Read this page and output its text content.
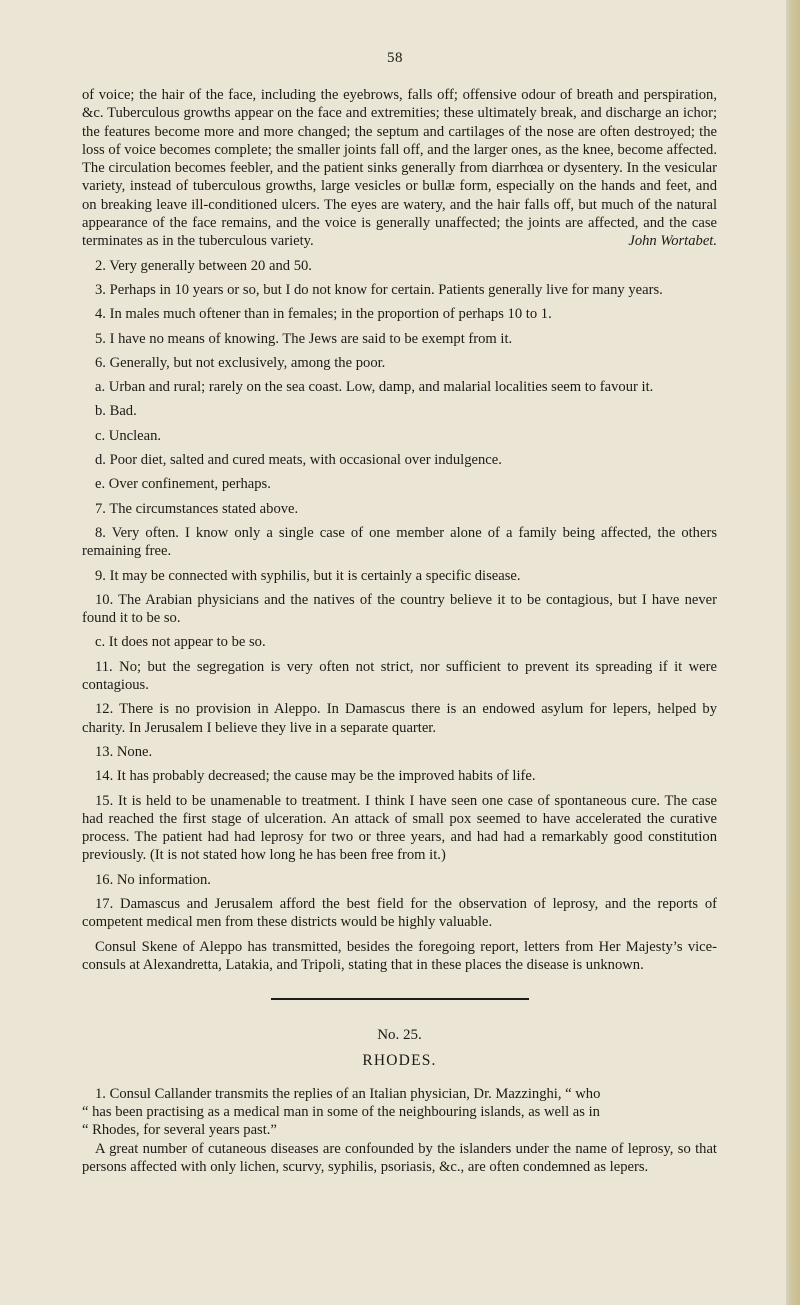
58

of voice; the hair of the face, including the eyebrows, falls off; offensive odour of breath and perspiration, &c. Tuberculous growths appear on the face and extremities; these ultimately break, and discharge an ichor; the features become more and more changed; the septum and cartilages of the nose are often destroyed; the loss of voice becomes complete; the smaller joints fall off, and the larger ones, as the knee, become affected. The circulation becomes feebler, and the patient sinks generally from diarrhœa or dysentery. In the vesicular variety, instead of tuberculous growths, large vesicles or bullæ form, especially on the hands and feet, and on breaking leave ill-conditioned ulcers. The eyes are watery, and the hair falls off, but much of the natural appearance of the face remains, and the voice is generally unaffected; the joints are affected, and the case terminates as in the tuberculous variety.	John Wortabet.

2. Very generally between 20 and 50.

3. Perhaps in 10 years or so, but I do not know for certain. Patients generally live for many years.

4. In males much oftener than in females; in the proportion of perhaps 10 to 1.

5. I have no means of knowing. The Jews are said to be exempt from it.

6. Generally, but not exclusively, among the poor.

a. Urban and rural; rarely on the sea coast. Low, damp, and malarial localities seem to favour it.

b. Bad.

c. Unclean.

d. Poor diet, salted and cured meats, with occasional over indulgence.

e. Over confinement, perhaps.

7. The circumstances stated above.

8. Very often. I know only a single case of one member alone of a family being affected, the others remaining free.

9. It may be connected with syphilis, but it is certainly a specific disease.

10. The Arabian physicians and the natives of the country believe it to be contagious, but I have never found it to be so.

c. It does not appear to be so.

11. No; but the segregation is very often not strict, nor sufficient to prevent its spreading if it were contagious.

12. There is no provision in Aleppo. In Damascus there is an endowed asylum for lepers, helped by charity. In Jerusalem I believe they live in a separate quarter.

13. None.

14. It has probably decreased; the cause may be the improved habits of life.

15. It is held to be unamenable to treatment. I think I have seen one case of spontaneous cure. The case had reached the first stage of ulceration. An attack of small pox seemed to have accelerated the curative process. The patient had had leprosy for two or three years, and had had a remarkably good constitution previously. (It is not stated how long he has been free from it.)

16. No information.

17. Damascus and Jerusalem afford the best field for the observation of leprosy, and the reports of competent medical men from these districts would be highly valuable.

Consul Skene of Aleppo has transmitted, besides the foregoing report, letters from Her Majesty’s vice-consuls at Alexandretta, Latakia, and Tripoli, stating that in these places the disease is unknown.

No. 25.
RHODES.

1. Consul Callander transmits the replies of an Italian physician, Dr. Mazzinghi, “ who

“ has been practising as a medical man in some of the neighbouring islands, as well as in

“ Rhodes, for several years past.”

A great number of cutaneous diseases are confounded by the islanders under the name of leprosy, so that persons affected with only lichen, scurvy, syphilis, psoriasis, &c., are often condemned as lepers.
